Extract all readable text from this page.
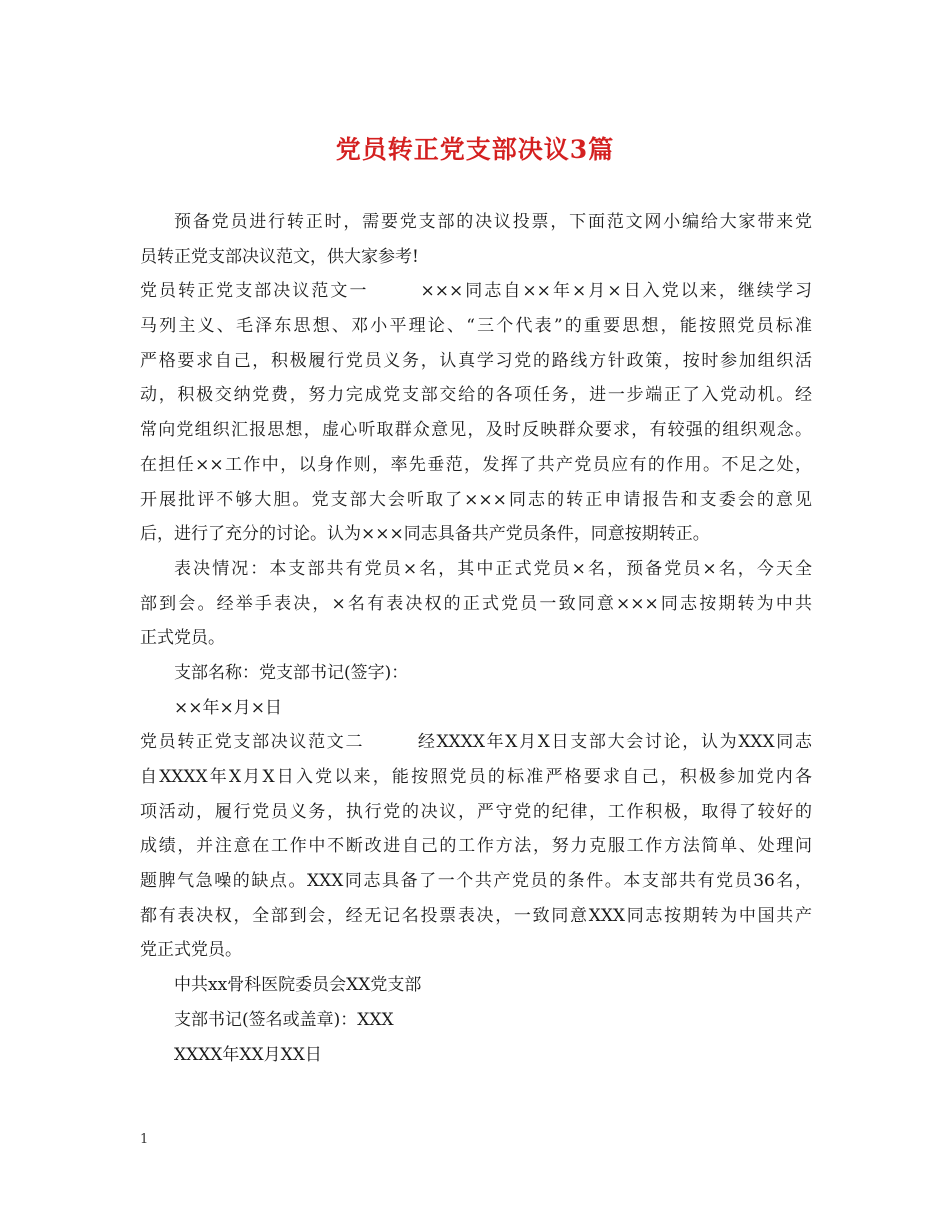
党员转正党支部决议3篇
预备党员进行转正时，需要党支部的决议投票，下面范文网小编给大家带来党
员转正党支部决议范文，供大家参考!
党员转正党支部决议范文一	×××同志自××年×月×日入党以来，继续学习
马列主义、毛泽东思想、邓小平理论、“三个代表”的重要思想，能按照党员标准
严格要求自己，积极履行党员义务，认真学习党的路线方针政策，按时参加组织活
动，积极交纳党费，努力完成党支部交给的各项任务，进一步端正了入党动机。经
常向党组织汇报思想，虚心听取群众意见，及时反映群众要求，有较强的组织观念。
在担任××工作中，以身作则，率先垂范，发挥了共产党员应有的作用。不足之处，
开展批评不够大胆。党支部大会听取了×××同志的转正申请报告和支委会的意见
后，进行了充分的讨论。认为×××同志具备共产党员条件，同意按期转正。
表决情况：本支部共有党员×名，其中正式党员×名，预备党员×名，今天全
部到会。经举手表决，×名有表决权的正式党员一致同意×××同志按期转为中共
正式党员。
支部名称：党支部书记(签字)：
××年×月×日
党员转正党支部决议范文二	经XXXX年X月X日支部大会讨论，认为XXX同志
自XXXX年X月X日入党以来，能按照党员的标准严格要求自己，积极参加党内各
项活动，履行党员义务，执行党的决议，严守党的纪律，工作积极，取得了较好的
成绩，并注意在工作中不断改进自己的工作方法，努力克服工作方法简单、处理问
题脾气急噪的缺点。XXX同志具备了一个共产党员的条件。本支部共有党员36名，
都有表决权，全部到会，经无记名投票表决，一致同意XXX同志按期转为中国共产
党正式党员。
中共xx骨科医院委员会XX党支部
支部书记(签名或盖章)：XXX
XXXX年XX月XX日
1
